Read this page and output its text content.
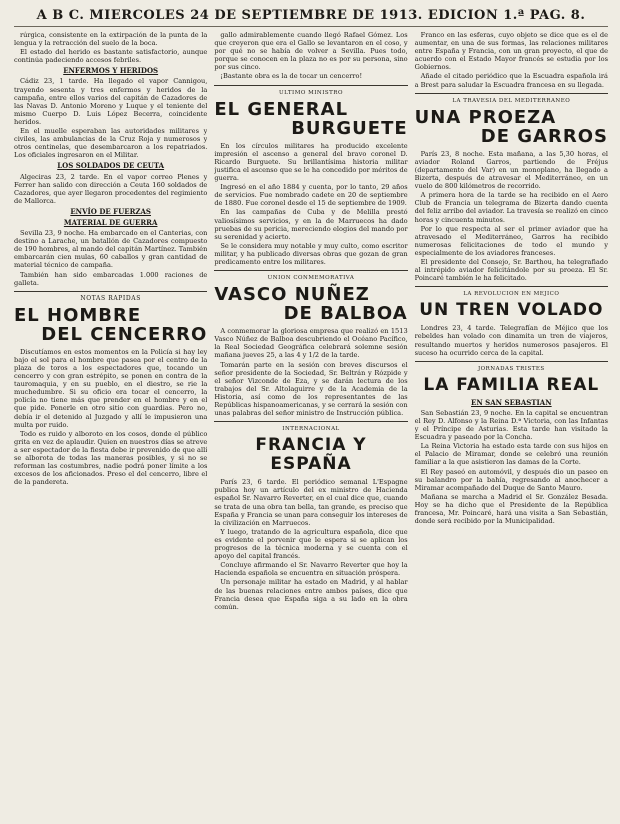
A B C. MIERCOLES 24 DE SEPTIEMBRE DE 1913. EDICION 1.ª PAG. 8.

rúrgica, consistente en la extirpación de la punta de la lengua y la retracción del suelo de la boca.

El estado del herido es bastante satisfactorio, aunque continúa padeciendo accesos febriles.

ENFERMOS Y HERIDOS

Cádiz 23, 1 tarde. Ha llegado el vapor Cannigou, trayendo sesenta y tres enfermos y heridos de la campaña, entre ellos varios del capitán de Cazadores de las Navas D. Antonio Moreno y Luque y el teniente del mismo Cuerpo D. Luis López Becerra, coincidente heridos.

En el muelle esperaban las autoridades militares y civiles, las ambulancias de la Cruz Roja y numerosos y otros centinelas, que desembarcaron a los repatriados. Los oficiales ingresaron en el Militar.

LOS SOLDADOS DE CEUTA

Algeciras 23, 2 tarde. En el vapor correo Plenes y Ferrer han salido con dirección a Ceuta 160 soldados de Cazadores, que ayer llegaron procedentes del regimiento de Mallorca.

ENVÍO DE FUERZAS
MATERIAL DE GUERRA

Sevilla 23, 9 noche. Ha embarcado en el Canterias, con destino a Larache, un batallón de Cazadores compuesto de 190 hombres, al mando del capitán Martínez. También embarcarán cien mulas, 60 caballos y gran cantidad de material técnico de campaña.

También han sido embarcadas 1.000 raciones de galleta.

NOTAS RAPIDAS
EL HOMBRE
DEL CENCERRO

Discutíamos en estos momentos en la Policía si hay ley bajo el sol para el hombre que pasea por el centro de la plaza de toros a los espectadores que, tocando un cencerro y con gran estrépito, se ponen en contra de la tauromaquia, y en su pueblo, en el diestro, se rie la muchedumbre. Si su oficio era tocar el cencerro, la policía no tiene más que prender en el hombre y en el que pide. Ponerle en otro sitio con guardias. Pero no, debía ir el detenido al Juzgado y allí le impusieron una multa por ruido.

Todo es ruido y alboroto en los cosos, donde el público grita en vez de aplaudir. Quien en nuestros días se atreve a ser espectador de la fiesta debe ir prevenido de que allí se alborota de todas las maneras posibles, y si no se reforman las costumbres, nadie podrá poner límite a los excesos de los aficionados. Preso el del cencerro, libre el de la pandereta.

gallo admirablemente cuando llegó Rafael Gómez. Los que creyeron que era el Gallo se levantaron en el coso, y por qué no se había de volver a Sevilla. Pues todo, porque se conocen en la plaza no es por su persona, sino por sus cinco.

¡Bastante obra es la de tocar un cencerro!

ULTIMO MINISTRO
EL GENERAL
BURGUETE

En los círculos militares ha producido excelente impresión el ascenso a general del bravo coronel D. Ricardo Burguete. Su brillantísima historia militar justifica el ascenso que se le ha concedido por méritos de guerra.

Ingresó en el año 1884 y cuenta, por lo tanto, 29 años de servicios. Fue nombrado cadete en 20 de septiembre de 1880. Fue coronel desde el 15 de septiembre de 1909.

En las campañas de Cuba y de Melilla prestó valiosísimos servicios, y en la de Marruecos ha dado pruebas de su pericia, mereciendo elogios del mando por su serenidad y acierto.

Se le considera muy notable y muy culto, como escritor militar, y ha publicado diversas obras que gozan de gran predicamento entre los militares.

UNION CONMEMORATIVA
VASCO NUÑEZ
DE BALBOA

A conmemorar la gloriosa empresa que realizó en 1513 Vasco Núñez de Balboa descubriendo el Océano Pacífico, la Real Sociedad Geográfica celebrará solemne sesión mañana jueves 25, a las 4 y 1/2 de la tarde.

Tomarán parte en la sesión con breves discursos el señor presidente de la Sociedad, Sr. Beltrán y Rózpide y el señor Vizconde de Eza, y se darán lectura de los trabajos del Sr. Altolaguirre y de la Academia de la Historia, así como de los representantes de las Repúblicas hispanoamericanas, y se cerrará la sesión con unas palabras del señor ministro de Instrucción pública.

INTERNACIONAL
FRANCIA Y ESPAÑA

París 23, 6 tarde. El periódico semanal L'Espagne publica hoy un artículo del ex ministro de Hacienda español Sr. Navarro Reverter, en el cual dice que, cuando se trata de una obra tan bella, tan grande, es preciso que España y Francia se unan para conseguir los intereses de la civilización en Marruecos.

Y luego, tratando de la agricultura española, dice que es evidente el porvenir que le espera si se aplican los progresos de la técnica moderna y se cuenta con el apoyo del capital francés.

Concluye afirmando el Sr. Navarro Reverter que hoy la Hacienda española se encuentra en situación próspera.

Un personaje militar ha estado en Madrid, y al hablar de las buenas relaciones entre ambos países, dice que Francia desea que España siga a su lado en la obra común.

Franco en las esferas, cuyo objeto se dice que es el de aumentar, en una de sus formas, las relaciones militares entre España y Francia, con un gran proyecto, el que de acuerdo con el Estado Mayor francés se estudia por los Gobiernos.

Añade el citado periódico que la Escuadra española irá a Brest para saludar la Escuadra francesa en su llegada.

LA TRAVESIA DEL MEDITERRANEO
UNA PROEZA
DE GARROS

París 23, 8 noche. Esta mañana, a las 5,30 horas, el aviador Roland Garros, partiendo de Fréjus (departamento del Var) en un monoplano, ha llegado a Bizerta, después de atravesar el Mediterráneo, en un vuelo de 800 kilómetros de recorrido.

A primera hora de la tarde se ha recibido en el Aero Club de Francia un telegrama de Bizerta dando cuenta del feliz arribo del aviador. La travesía se realizó en cinco horas y cincuenta minutos.

Por lo que respecta al ser el primer aviador que ha atravesado el Mediterráneo, Garros ha recibido numerosas felicitaciones de todo el mundo y especialmente de los aviadores franceses.

El presidente del Consejo, Sr. Barthou, ha telegrafiado al intrépido aviador felicitándole por su proeza. El Sr. Poincaré también le ha felicitado.

LA REVOLUCION EN MEJICO
UN TREN VOLADO

Londres 23, 4 tarde. Telegrafían de Méjico que los rebeldes han volado con dinamita un tren de viajeros, resultando muertos y heridos numerosos pasajeros. El suceso ha ocurrido cerca de la capital.

JORNADAS TRISTES
LA FAMILIA REAL
EN SAN SEBASTIAN

San Sebastián 23, 9 noche. En la capital se encuentran el Rey D. Alfonso y la Reina D.ª Victoria, con las Infantas y el Príncipe de Asturias. Esta tarde han visitado la Escuadra y paseado por la Concha.

La Reina Victoria ha estado esta tarde con sus hijos en el Palacio de Miramar, donde se celebró una reunión familiar a la que asistieron las damas de la Corte.

El Rey paseó en automóvil, y después dio un paseo en su balandro por la bahía, regresando al anochecer a Miramar acompañado del Duque de Santo Mauro.

Mañana se marcha a Madrid el Sr. González Besada. Hoy se ha dicho que el Presidente de la República francesa, Mr. Poincaré, hará una visita a San Sebastián, donde será recibido por la Municipalidad.
